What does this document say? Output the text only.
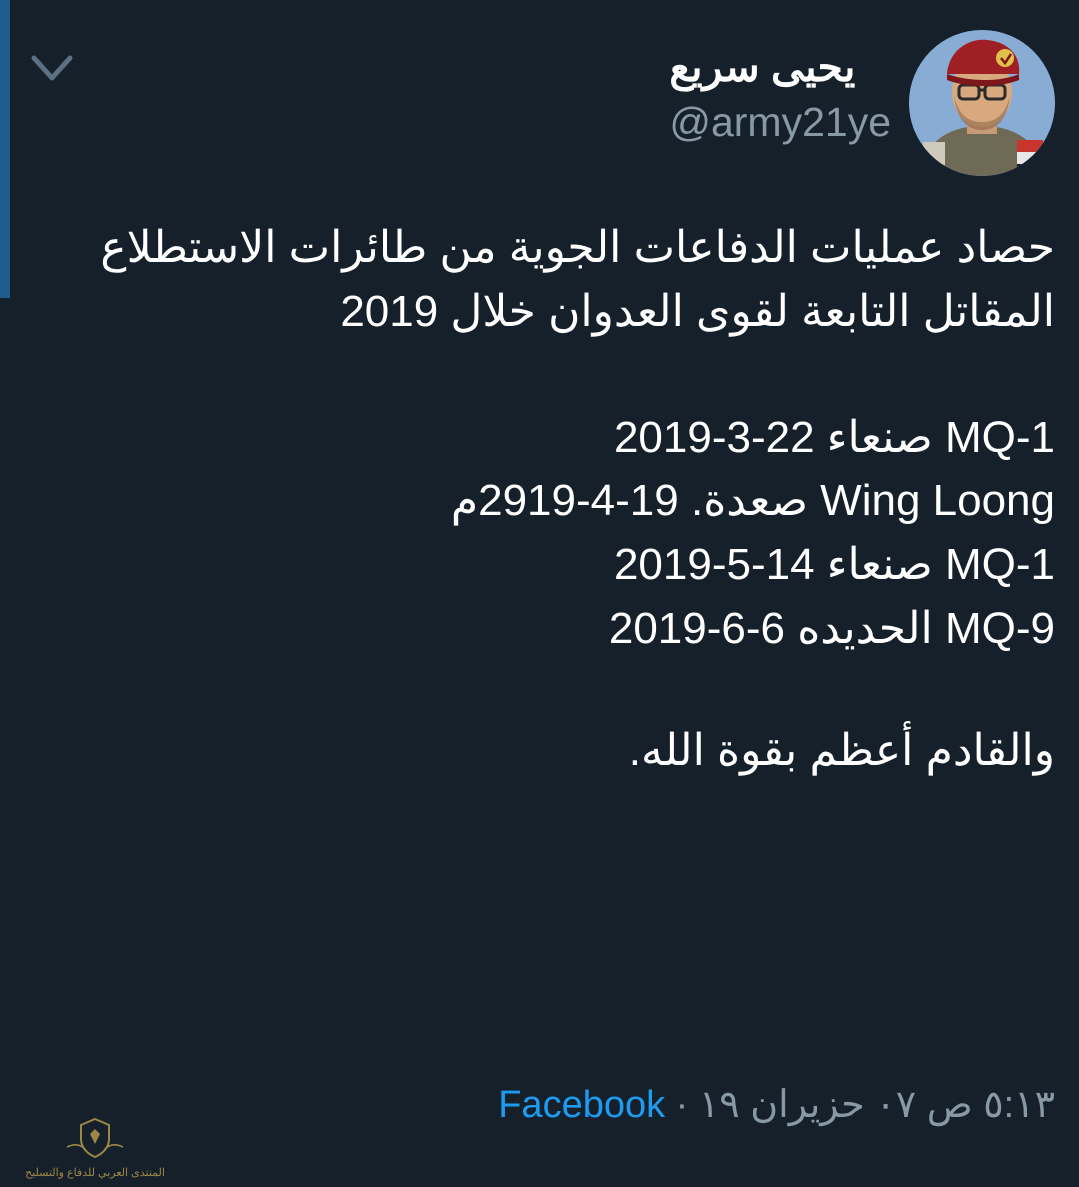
يحيى سريع
@army21ye

حصاد عمليات الدفاعات الجوية من طائرات الاستطلاع المقاتل التابعة لقوى العدوان خلال 2019

MQ-1 صنعاء 22-3-2019

Wing Loong صعدة. 19-4-2919م

MQ-1 صنعاء 14-5-2019

MQ-9 الحديده 6-6-2019

والقادم أعظم بقوة الله.

٥:١٣ ص ٠٧ حزيران ١٩ · Facebook
المنتدى العربي للدفاع والتسليح
